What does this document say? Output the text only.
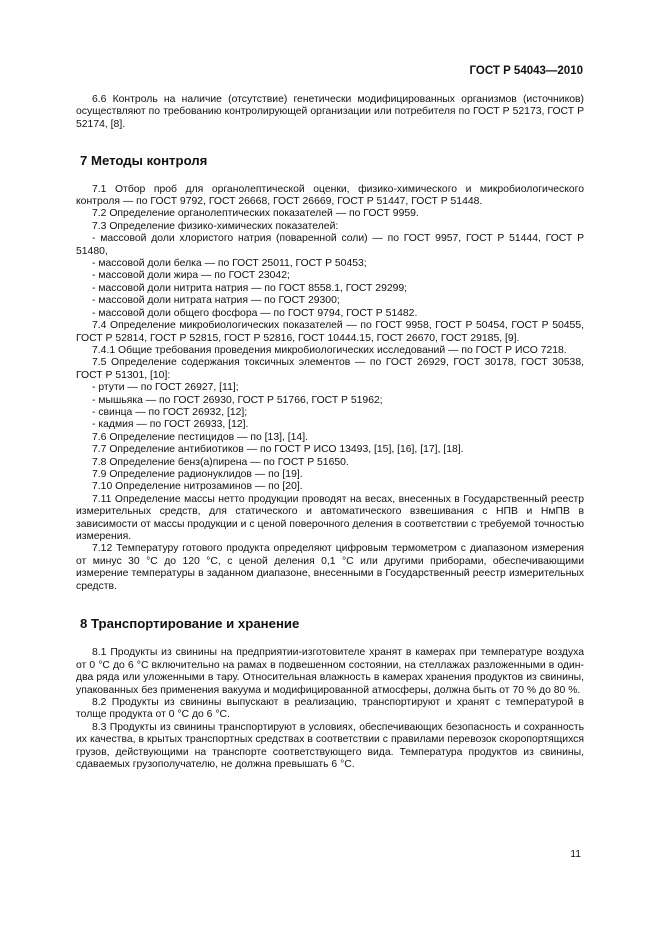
ГОСТ Р 54043—2010

6.6 Контроль на наличие (отсутствие) генетически модифицированных организмов (источников) осуществляют по требованию контролирующей организации или потребителя по ГОСТ Р 52173, ГОСТ Р 52174, [8].

7 Методы контроля

7.1 Отбор проб для органолептической оценки, физико-химического и микробиологического контроля — по ГОСТ 9792, ГОСТ 26668, ГОСТ 26669, ГОСТ Р 51447, ГОСТ Р 51448.

7.2 Определение органолептических показателей — по ГОСТ 9959.

7.3 Определение физико-химических показателей:

- массовой доли хлористого натрия (поваренной соли) — по ГОСТ 9957, ГОСТ Р 51444, ГОСТ Р 51480,

- массовой доли белка — по ГОСТ 25011, ГОСТ Р 50453;

- массовой доли жира — по ГОСТ 23042;

- массовой доли нитрита натрия — по ГОСТ 8558.1, ГОСТ 29299;

- массовой доли нитрата натрия — по ГОСТ 29300;

- массовой доли общего фосфора — по ГОСТ 9794, ГОСТ Р 51482.

7.4 Определение микробиологических показателей — по ГОСТ 9958, ГОСТ Р 50454, ГОСТ Р 50455, ГОСТ Р 52814, ГОСТ Р 52815, ГОСТ Р 52816, ГОСТ 10444.15, ГОСТ 26670, ГОСТ 29185, [9].

7.4.1 Общие требования проведения микробиологических исследований — по ГОСТ Р ИСО 7218.

7.5 Определение содержания токсичных элементов — по ГОСТ 26929, ГОСТ 30178, ГОСТ 30538, ГОСТ Р 51301, [10]:

- ртути — по ГОСТ 26927, [11];

- мышьяка — по ГОСТ 26930, ГОСТ Р 51766, ГОСТ Р 51962;

- свинца — по ГОСТ 26932, [12];

- кадмия — по ГОСТ 26933, [12].

7.6 Определение пестицидов — по [13], [14].

7.7 Определение антибиотиков — по ГОСТ Р ИСО 13493, [15], [16], [17], [18].

7.8 Определение бенз(а)пирена — по ГОСТ Р 51650.

7.9 Определение радионуклидов — по [19].

7.10 Определение нитрозаминов — по [20].

7.11 Определение массы нетто продукции проводят на весах, внесенных в Государственный реестр измерительных средств, для статического и автоматического взвешивания с НПВ и НмПВ в зависимости от массы продукции и с ценой поверочного деления в соответствии с требуемой точностью измерения.

7.12 Температуру готового продукта определяют цифровым термометром с диапазоном измерения от минус 30 °С до 120 °С, с ценой деления 0,1 °С или другими приборами, обеспечивающими измерение температуры в заданном диапазоне, внесенными в Государственный реестр измерительных средств.

8 Транспортирование и хранение

8.1 Продукты из свинины на предприятии-изготовителе хранят в камерах при температуре воздуха от 0 °С до 6 °С включительно на рамах в подвешенном состоянии, на стеллажах разложенными в один-два ряда или уложенными в тару. Относительная влажность в камерах хранения продуктов из свинины, упакованных без применения вакуума и модифицированной атмосферы, должна быть от 70 % до 80 %.

8.2 Продукты из свинины выпускают в реализацию, транспортируют и хранят с температурой в толще продукта от 0 °С до 6 °С.

8.3 Продукты из свинины транспортируют в условиях, обеспечивающих безопасность и сохранность их качества, в крытых транспортных средствах в соответствии с правилами перевозок скоропортящихся грузов, действующими на транспорте соответствующего вида. Температура продуктов из свинины, сдаваемых грузополучателю, не должна превышать 6 °С.

11
